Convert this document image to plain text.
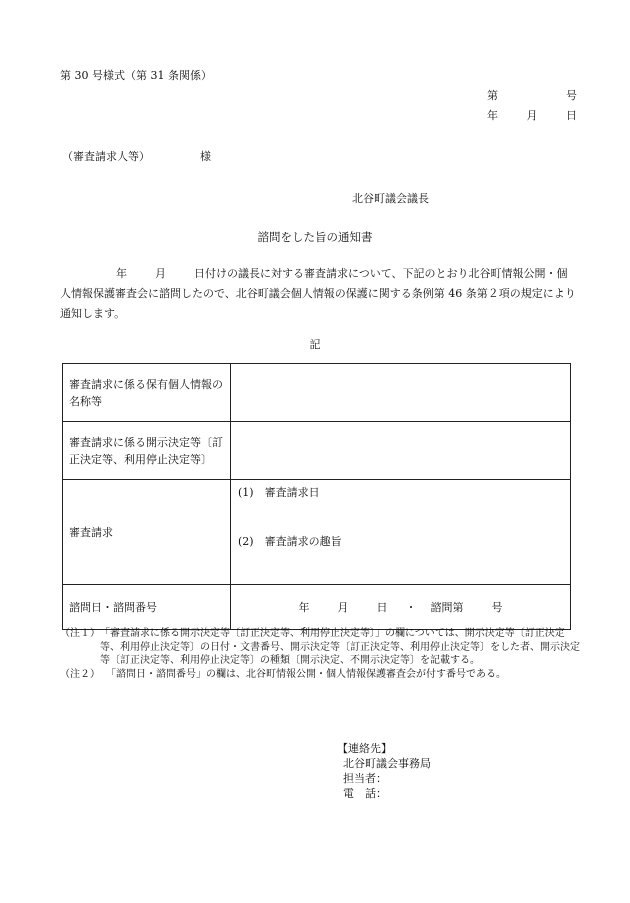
第 30 号様式（第 31 条関係）
第	号
年	月	日
（審査請求人等）	様
北谷町議会議長
諮問をした旨の通知書
年	月	日付けの議長に対する審査請求について、下記のとおり北谷町情報公開・個人情報保護審査会に諮問したので、北谷町議会個人情報の保護に関する条例第 46 条第２項の規定により通知します。
記
審査請求に係る保有個人情報の名称等	
審査請求に係る開示決定等〔訂正決定等、利用停止決定等〕	
審査請求	(1)　審査請求日
(2)　審査請求の趣旨

諮問日・諮問番号	年 月 日 ・ 諮問第 号
（注１） 「審査請求に係る開示決定等〔訂正決定等、利用停止決定等〕」の欄については、開示決定等〔訂正決定等、利用停止決定等〕の日付・文書番号、開示決定等〔訂正決定等、利用停止決定等〕をした者、開示決定等〔訂正決定等、利用停止決定等〕の種類〔開示決定、不開示決定等〕を記載する。
（注２） 「諮問日・諮問番号」の欄は、北谷町情報公開・個人情報保護審査会が付す番号である。
【連絡先】
北谷町議会事務局
担当者：
電　話：
